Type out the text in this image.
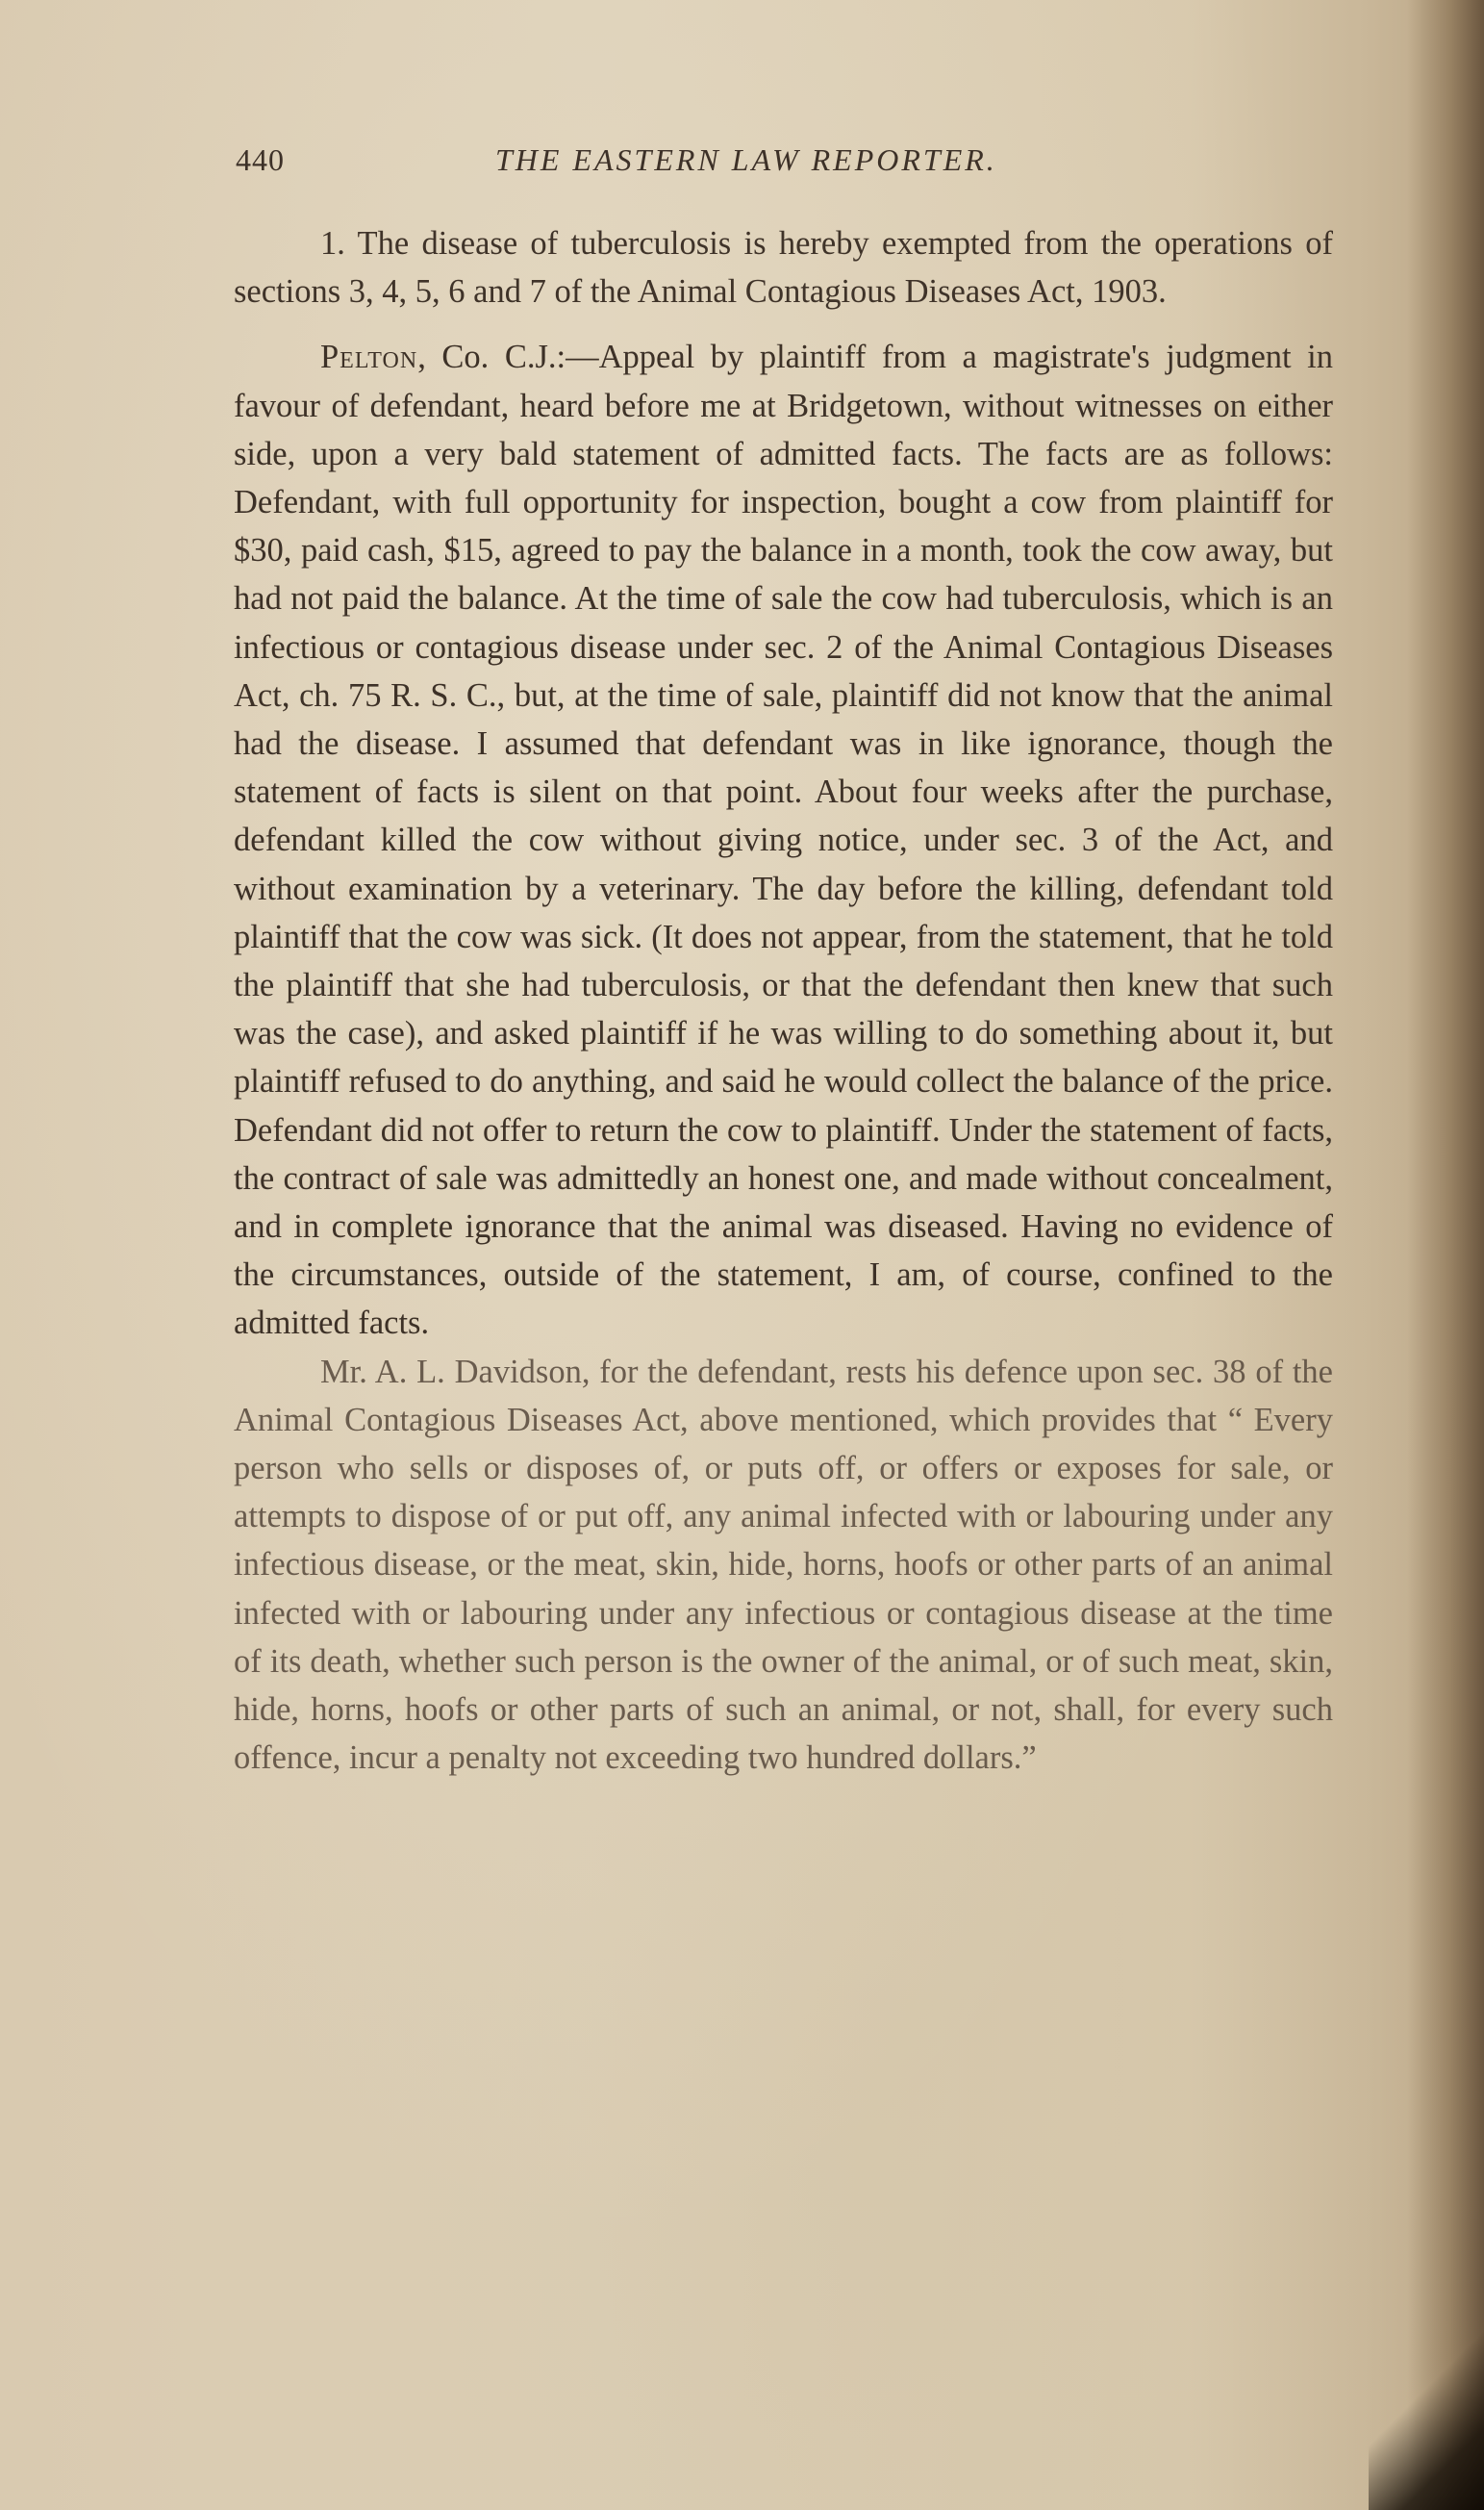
440	THE EASTERN LAW REPORTER.

1. The disease of tuberculosis is hereby exempted from the operations of sections 3, 4, 5, 6 and 7 of the Animal Contagious Diseases Act, 1903.

Pelton, Co. C.J.:—Appeal by plaintiff from a magistrate's judgment in favour of defendant, heard before me at Bridgetown, without witnesses on either side, upon a very bald statement of admitted facts. The facts are as follows: Defendant, with full opportunity for inspection, bought a cow from plaintiff for $30, paid cash, $15, agreed to pay the balance in a month, took the cow away, but had not paid the balance. At the time of sale the cow had tuberculosis, which is an infectious or contagious disease under sec. 2 of the Animal Contagious Diseases Act, ch. 75 R. S. C., but, at the time of sale, plaintiff did not know that the animal had the disease. I assumed that defendant was in like ignorance, though the statement of facts is silent on that point. About four weeks after the purchase, defendant killed the cow without giving notice, under sec. 3 of the Act, and without examination by a veterinary. The day before the killing, defendant told plaintiff that the cow was sick. (It does not appear, from the statement, that he told the plaintiff that she had tuberculosis, or that the defendant then knew that such was the case), and asked plaintiff if he was willing to do something about it, but plaintiff refused to do anything, and said he would collect the balance of the price. Defendant did not offer to return the cow to plaintiff. Under the statement of facts, the contract of sale was admittedly an honest one, and made without concealment, and in complete ignorance that the animal was diseased. Having no evidence of the circumstances, outside of the statement, I am, of course, confined to the admitted facts.

Mr. A. L. Davidson, for the defendant, rests his defence upon sec. 38 of the Animal Contagious Diseases Act, above mentioned, which provides that “ Every person who sells or disposes of, or puts off, or offers or exposes for sale, or attempts to dispose of or put off, any animal infected with or labouring under any infectious disease, or the meat, skin, hide, horns, hoofs or other parts of an animal infected with or labouring under any infectious or contagious disease at the time of its death, whether such person is the owner of the animal, or of such meat, skin, hide, horns, hoofs or other parts of such an animal, or not, shall, for every such offence, incur a penalty not exceeding two hundred dollars.”
